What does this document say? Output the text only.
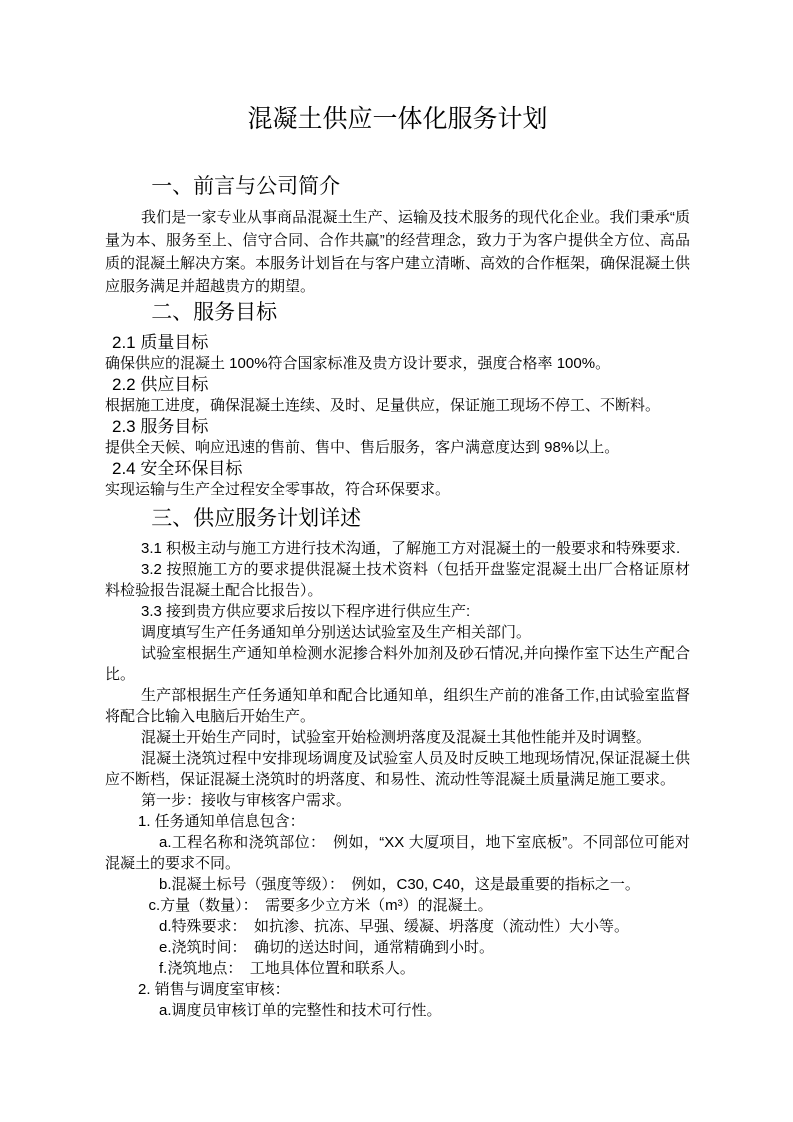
混凝土供应一体化服务计划
一、前言与公司简介

我们是一家专业从事商品混凝土生产、运输及技术服务的现代化企业。我们秉承“质量为本、服务至上、信守合同、合作共赢”的经营理念，致力于为客户提供全方位、高品质的混凝土解决方案。本服务计划旨在与客户建立清晰、高效的合作框架，确保混凝土供应服务满足并超越贵方的期望。

二、服务目标
2.1 质量目标

确保供应的混凝土 100%符合国家标准及贵方设计要求，强度合格率 100%。

2.2 供应目标

根据施工进度，确保混凝土连续、及时、足量供应，保证施工现场不停工、不断料。

2.3 服务目标

提供全天候、响应迅速的售前、售中、售后服务，客户满意度达到 98%以上。

2.4 安全环保目标

实现运输与生产全过程安全零事故，符合环保要求。

三、供应服务计划详述

3.1 积极主动与施工方进行技术沟通，了解施工方对混凝土的一般要求和特殊要求.

3.2 按照施工方的要求提供混凝土技术资料（包括开盘鉴定混凝土出厂合格证原材料检验报告混凝土配合比报告）。

3.3 接到贵方供应要求后按以下程序进行供应生产:

调度填写生产任务通知单分别送达试验室及生产相关部门。

试验室根据生产通知单检测水泥掺合料外加剂及砂石情况,并向操作室下达生产配合比。

生产部根据生产任务通知单和配合比通知单，组织生产前的准备工作,由试验室监督将配合比输入电脑后开始生产。

混凝土开始生产同时，试验室开始检测坍落度及混凝土其他性能并及时调整。

混凝土浇筑过程中安排现场调度及试验室人员及时反映工地现场情况,保证混凝土供应不断档，保证混凝土浇筑时的坍落度、和易性、流动性等混凝土质量满足施工要求。

第一步：接收与审核客户需求。

1. 任务通知单信息包含：

a.工程名称和浇筑部位：　例如，“XX 大厦项目，地下室底板”。不同部位可能对混凝土的要求不同。

b.混凝土标号（强度等级）：　例如，C30, C40，这是最重要的指标之一。

c.方量（数量）：　需要多少立方米（m³）的混凝土。

d.特殊要求：　如抗渗、抗冻、早强、缓凝、坍落度（流动性）大小等。

e.浇筑时间：　确切的送达时间，通常精确到小时。

f.浇筑地点：　工地具体位置和联系人。

2. 销售与调度室审核：

a.调度员审核订单的完整性和技术可行性。
